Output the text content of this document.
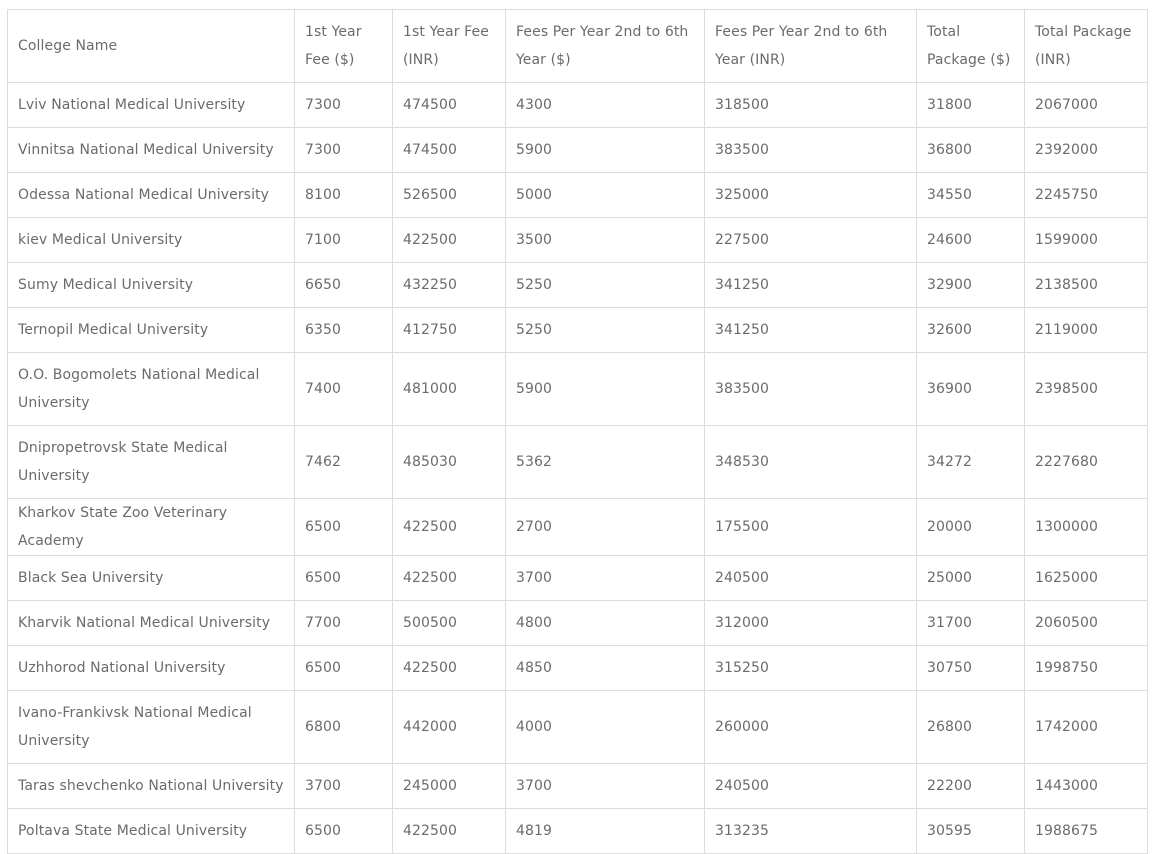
College Name	1st Year Fee ($)	1st Year Fee (INR)	Fees Per Year 2nd to 6th Year ($)	Fees Per Year 2nd to 6th Year (INR)	Total Package ($)	Total Package (INR)
Lviv National Medical University	7300	474500	4300	318500	31800	2067000
Vinnitsa National Medical University	7300	474500	5900	383500	36800	2392000
Odessa National Medical University	8100	526500	5000	325000	34550	2245750
kiev Medical University	7100	422500	3500	227500	24600	1599000
Sumy Medical University	6650	432250	5250	341250	32900	2138500
Ternopil Medical University	6350	412750	5250	341250	32600	2119000
O.O. Bogomolets National Medical University	7400	481000	5900	383500	36900	2398500
Dnipropetrovsk State Medical University	7462	485030	5362	348530	34272	2227680
Kharkov State Zoo Veterinary Academy	6500	422500	2700	175500	20000	1300000
Black Sea University	6500	422500	3700	240500	25000	1625000
Kharvik National Medical University	7700	500500	4800	312000	31700	2060500
Uzhhorod National University	6500	422500	4850	315250	30750	1998750
Ivano-Frankivsk National Medical University	6800	442000	4000	260000	26800	1742000
Taras shevchenko National University	3700	245000	3700	240500	22200	1443000
Poltava State Medical University	6500	422500	4819	313235	30595	1988675
